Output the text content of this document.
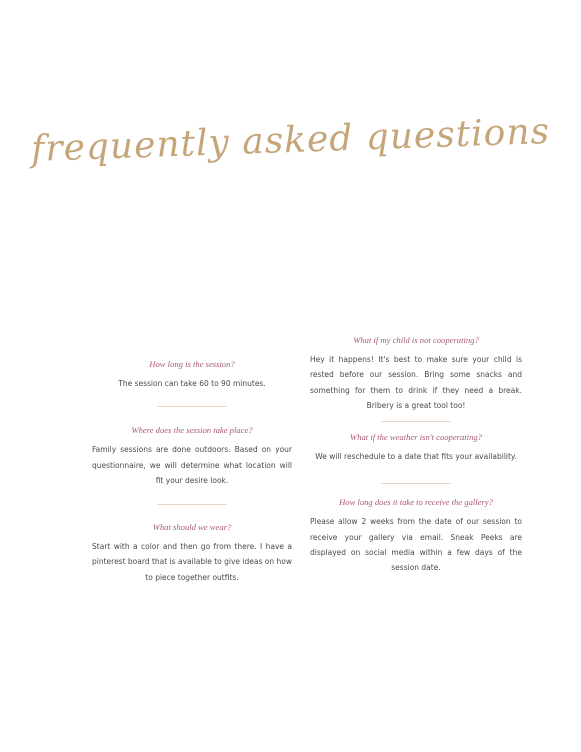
frequently asked questions

How long is the session?

The session can take 60 to 90 minutes.

Where does the session take place?

Family sessions are done outdoors. Based on your questionnaire, we will determine what location will fit your desire look.

What should we wear?

Start with a color and then go from there. I have a pinterest board that is available to give ideas on how to piece together outfits.

What if my child is not cooperating?

Hey it happens! It's best to make sure your child is rested before our session. Bring some snacks and something for them to drink if they need a break. Bribery is a great tool too!

What if the weather isn't cooperating?

We will reschedule to a date that fits your availability.

How long does it take to receive the gallery?

Please allow 2 weeks from the date of our session to receive your gallery via email. Sneak Peeks are displayed on social media within a few days of the session date.
